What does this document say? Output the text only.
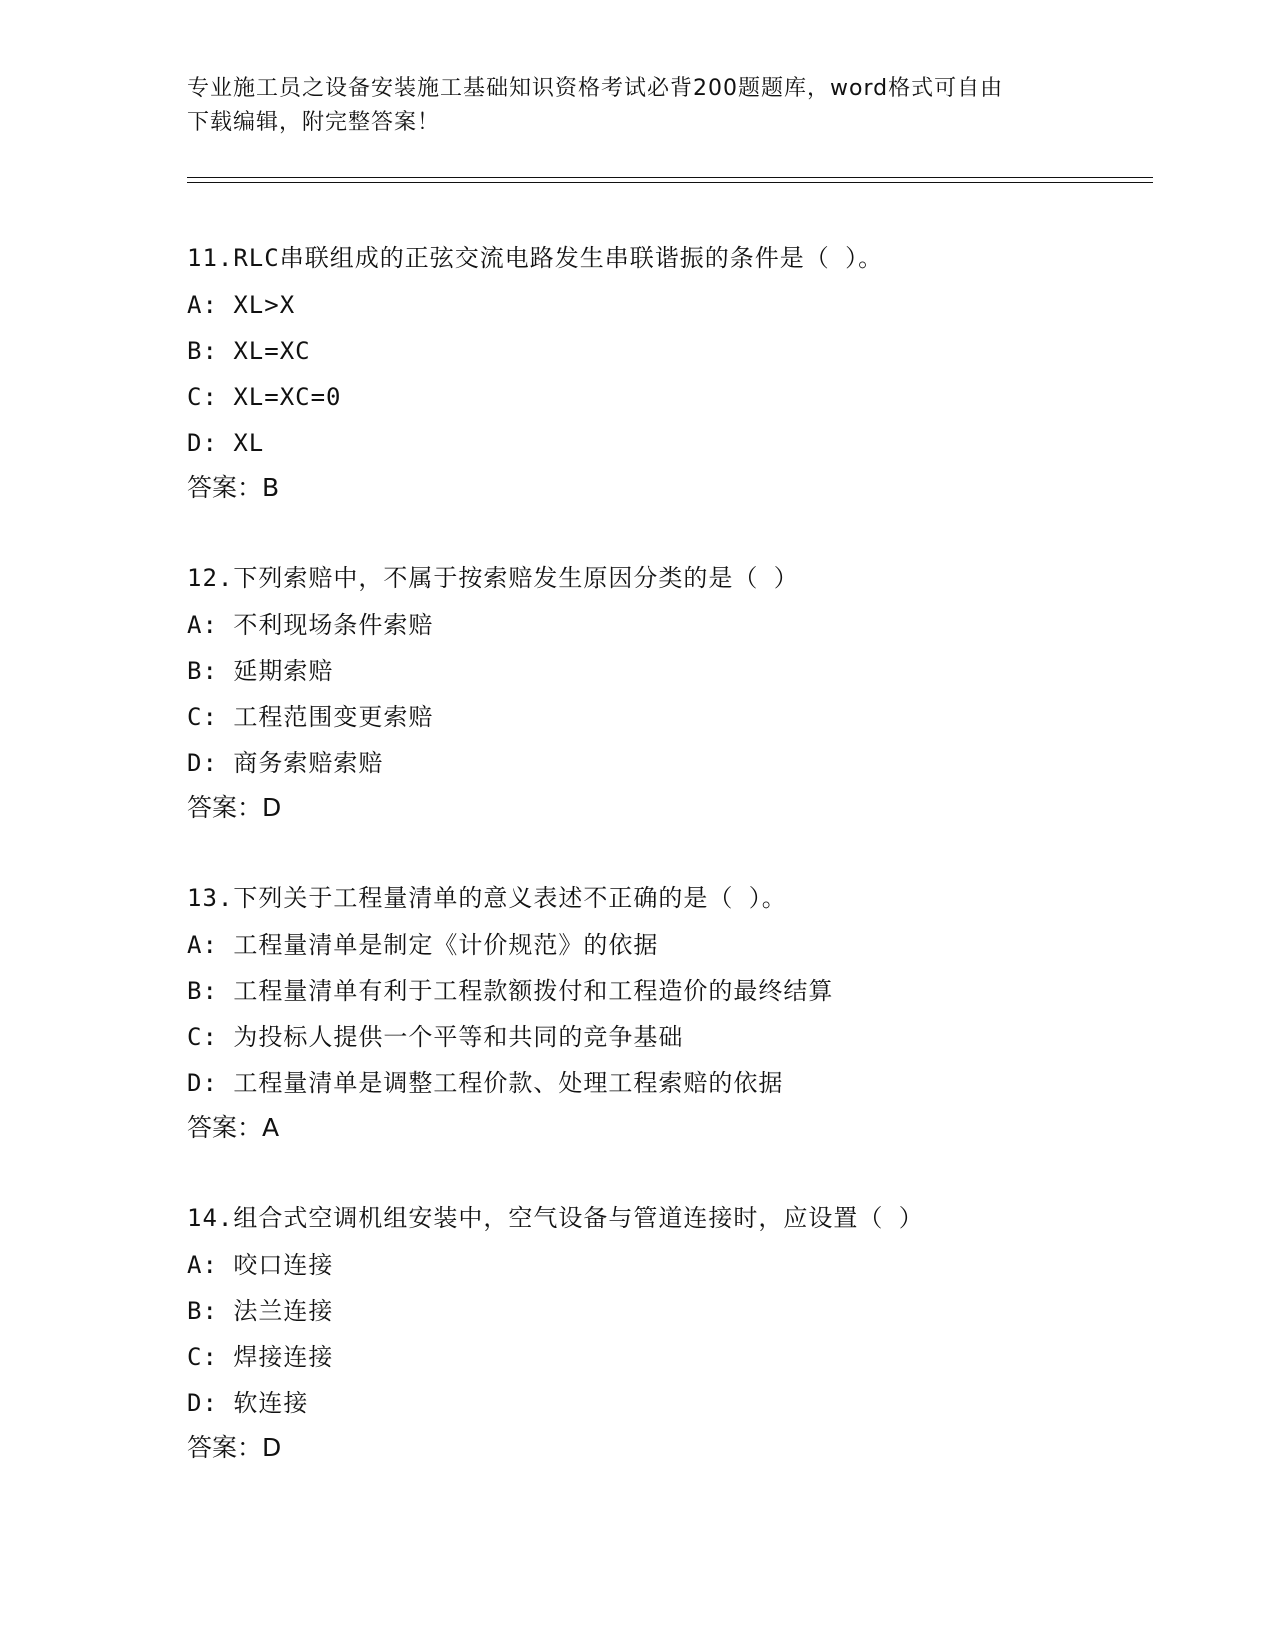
专业施工员之设备安装施工基础知识资格考试必背200题题库，word格式可自由
下载编辑，附完整答案！
11.RLC串联组成的正弦交流电路发生串联谐振的条件是（ ）。
A: XL>X
B: XL=XC
C: XL=XC=0
D: XL
答案：B
12.下列索赔中，不属于按索赔发生原因分类的是（ ）
A: 不利现场条件索赔
B: 延期索赔
C: 工程范围变更索赔
D: 商务索赔索赔
答案：D
13.下列关于工程量清单的意义表述不正确的是（ ）。
A: 工程量清单是制定《计价规范》的依据
B: 工程量清单有利于工程款额拨付和工程造价的最终结算
C: 为投标人提供一个平等和共同的竞争基础
D: 工程量清单是调整工程价款、处理工程索赔的依据
答案：A
14.组合式空调机组安装中，空气设备与管道连接时，应设置（ ）
A: 咬口连接
B: 法兰连接
C: 焊接连接
D: 软连接
答案：D
